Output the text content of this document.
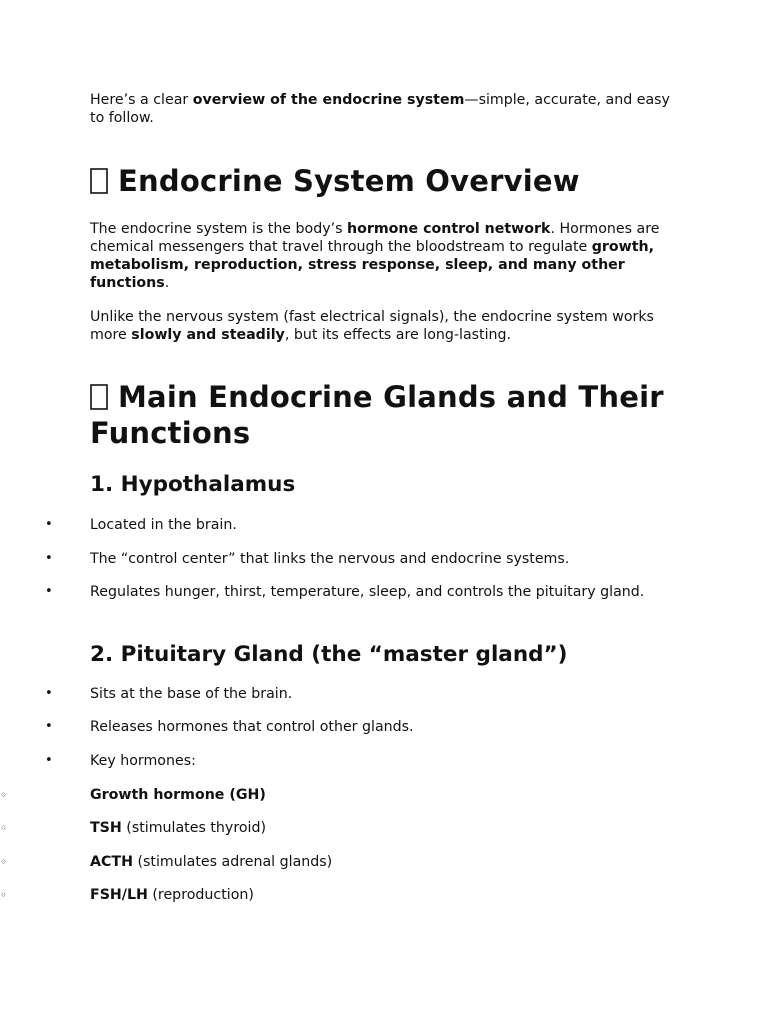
Here’s a clear overview of the endocrine system—simple, accurate, and easy to follow.

Endocrine System Overview

The endocrine system is the body’s hormone control network. Hormones are chemical messengers that travel through the bloodstream to regulate growth, metabolism, reproduction, stress response, sleep, and many other functions.

Unlike the nervous system (fast electrical signals), the endocrine system works more slowly and steadily, but its effects are long-lasting.

Main Endocrine Glands and Their Functions
1. Hypothalamus
•	Located in the brain.
•	The “control center” that links the nervous and endocrine systems.
•	Regulates hunger, thirst, temperature, sleep, and controls the pituitary gland.
2. Pituitary Gland (the “master gland”)
•	Sits at the base of the brain.
•	Releases hormones that control other glands.
•	Key hormones:
◦	Growth hormone (GH)
◦	TSH (stimulates thyroid)
◦	ACTH (stimulates adrenal glands)
◦	FSH/LH (reproduction)
